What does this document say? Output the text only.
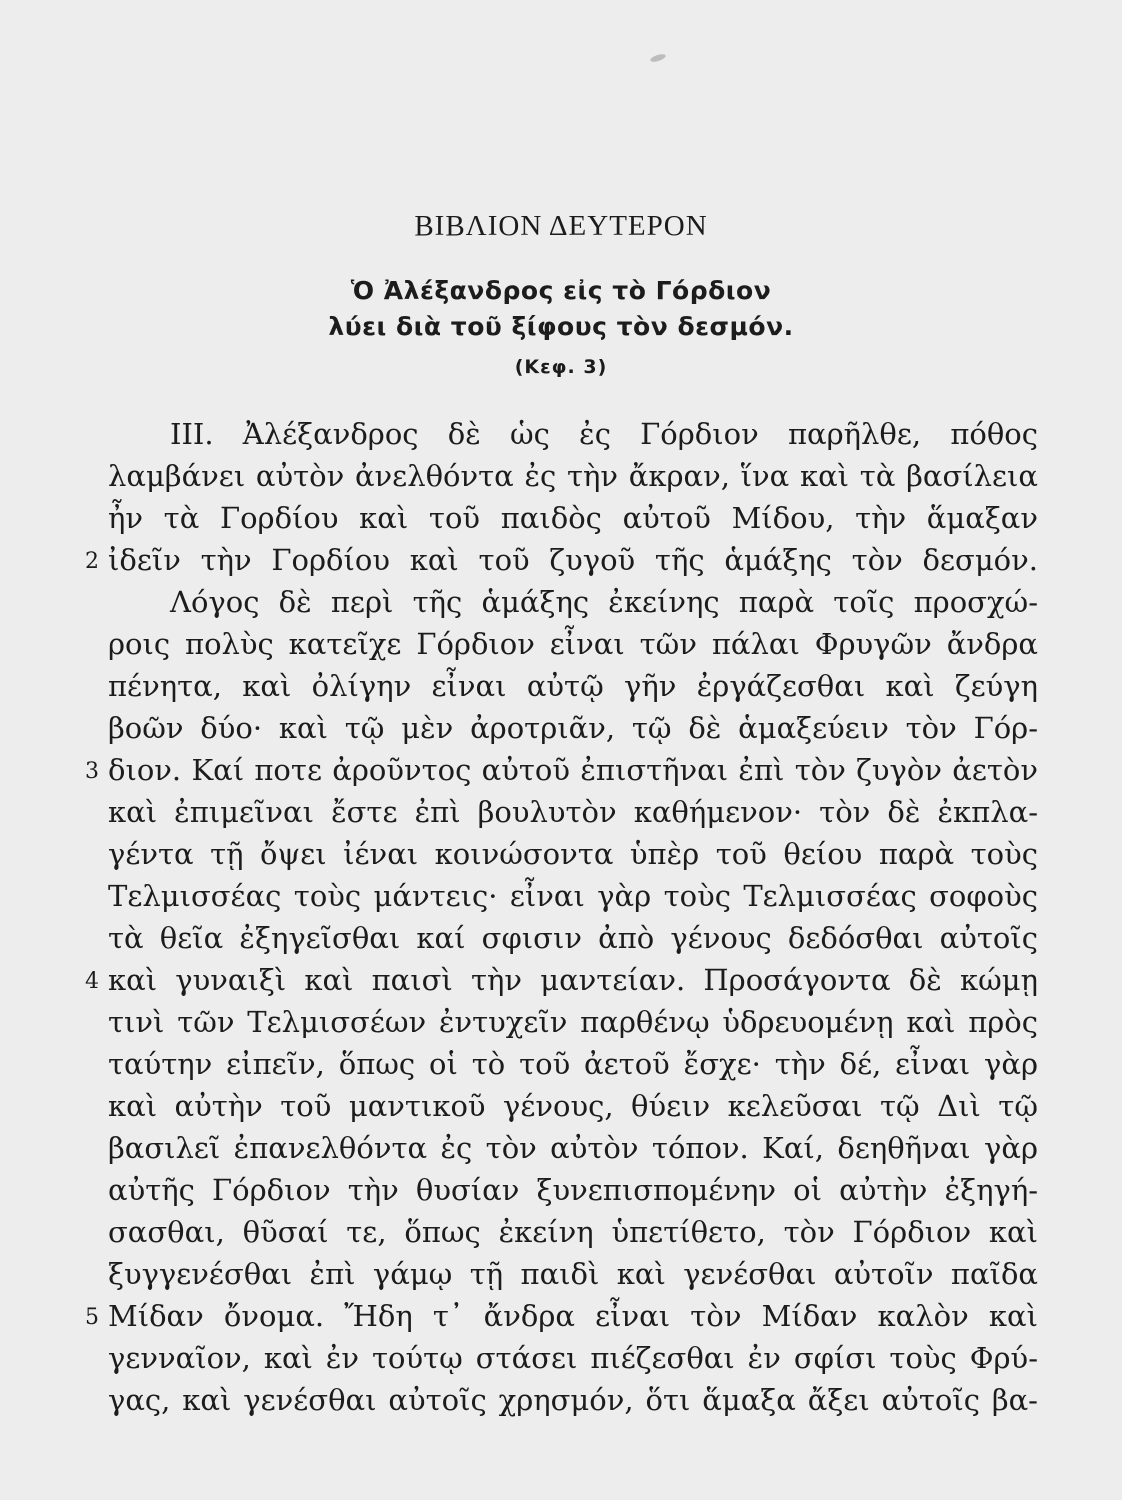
ΒΙΒΛΙΟΝ ΔΕΥΤΕΡΟΝ
Ὁ Ἀλέξανδρος εἰς τὸ Γόρδιον
λύει διὰ τοῦ ξίφους τὸν δεσμόν.
(Κεφ. 3)
III. Ἀλέξανδρος δὲ ὡς ἐς Γόρδιον παρῆλθε, πόθος
λαμβάνει αὐτὸν ἀνελθόντα ἐς τὴν ἄκραν, ἵνα καὶ τὰ βασίλεια
ἦν τὰ Γορδίου καὶ τοῦ παιδὸς αὐτοῦ Μίδου, τὴν ἅμαξαν
ἰδεῖν τὴν Γορδίου καὶ τοῦ ζυγοῦ τῆς ἁμάξης τὸν δεσμόν.
Λόγος δὲ περὶ τῆς ἁμάξης ἐκείνης παρὰ τοῖς προσχώ-
ροις πολὺς κατεῖχε Γόρδιον εἶναι τῶν πάλαι Φρυγῶν ἄνδρα
πένητα, καὶ ὀλίγην εἶναι αὐτῷ γῆν ἐργάζεσθαι καὶ ζεύγη
βοῶν δύο· καὶ τῷ μὲν ἀροτριᾶν, τῷ δὲ ἁμαξεύειν τὸν Γόρ-
διον. Καί ποτε ἀροῦντος αὐτοῦ ἐπιστῆναι ἐπὶ τὸν ζυγὸν ἀετὸν
καὶ ἐπιμεῖναι ἔστε ἐπὶ βουλυτὸν καθήμενον· τὸν δὲ ἐκπλα-
γέντα τῇ ὄψει ἰέναι κοινώσοντα ὑπὲρ τοῦ θείου παρὰ τοὺς
Τελμισσέας τοὺς μάντεις· εἶναι γὰρ τοὺς Τελμισσέας σοφοὺς
τὰ θεῖα ἐξηγεῖσθαι καί σφισιν ἀπὸ γένους δεδόσθαι αὐτοῖς
καὶ γυναιξὶ καὶ παισὶ τὴν μαντείαν. Προσάγοντα δὲ κώμῃ
τινὶ τῶν Τελμισσέων ἐντυχεῖν παρθένῳ ὑδρευομένῃ καὶ πρὸς
ταύτην εἰπεῖν, ὅπως οἱ τὸ τοῦ ἀετοῦ ἔσχε· τὴν δέ, εἶναι γὰρ
καὶ αὐτὴν τοῦ μαντικοῦ γένους, θύειν κελεῦσαι τῷ Διὶ τῷ
βασιλεῖ ἐπανελθόντα ἐς τὸν αὐτὸν τόπον. Καί, δεηθῆναι γὰρ
αὐτῆς Γόρδιον τὴν θυσίαν ξυνεπισπομένην οἱ αὐτὴν ἐξηγή-
σασθαι, θῦσαί τε, ὅπως ἐκείνη ὑπετίθετο, τὸν Γόρδιον καὶ
ξυγγενέσθαι ἐπὶ γάμῳ τῇ παιδὶ καὶ γενέσθαι αὐτοῖν παῖδα
Μίδαν ὄνομα. Ἤδη τ᾽ ἄνδρα εἶναι τὸν Μίδαν καλὸν καὶ
γενναῖον, καὶ ἐν τούτῳ στάσει πιέζεσθαι ἐν σφίσι τοὺς Φρύ-
γας, καὶ γενέσθαι αὐτοῖς χρησμόν, ὅτι ἅμαξα ἄξει αὐτοῖς βα-
2
3
4
5
